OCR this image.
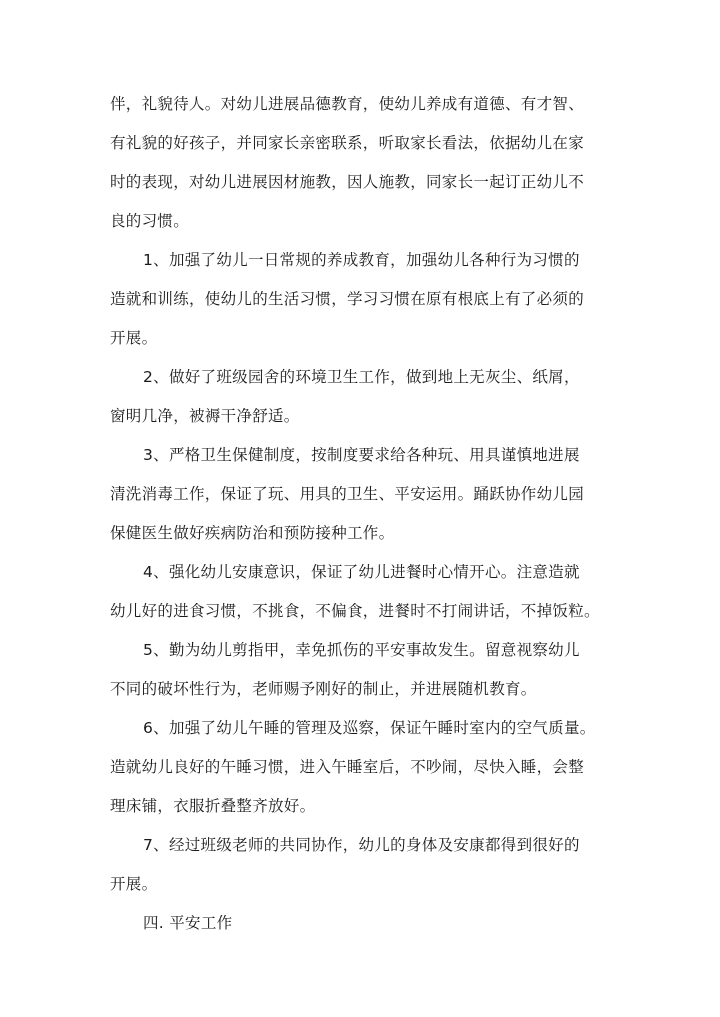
伴，礼貌待人。对幼儿进展品德教育，使幼儿养成有道德、有才智、
有礼貌的好孩子，并同家长亲密联系，听取家长看法，依据幼儿在家
时的表现，对幼儿进展因材施教，因人施教，同家长一起订正幼儿不
良的习惯。
1、加强了幼儿一日常规的养成教育，加强幼儿各种行为习惯的
造就和训练，使幼儿的生活习惯，学习习惯在原有根底上有了必须的
开展。
2、做好了班级园舍的环境卫生工作，做到地上无灰尘、纸屑，
窗明几净，被褥干净舒适。
3、严格卫生保健制度，按制度要求给各种玩、用具谨慎地进展
清洗消毒工作，保证了玩、用具的卫生、平安运用。踊跃协作幼儿园
保健医生做好疾病防治和预防接种工作。
4、强化幼儿安康意识，保证了幼儿进餐时心情开心。注意造就
幼儿好的进食习惯，不挑食，不偏食，进餐时不打闹讲话，不掉饭粒。
5、勤为幼儿剪指甲，幸免抓伤的平安事故发生。留意视察幼儿
不同的破坏性行为，老师赐予刚好的制止，并进展随机教育。
6、加强了幼儿午睡的管理及巡察，保证午睡时室内的空气质量。
造就幼儿良好的午睡习惯，进入午睡室后，不吵闹，尽快入睡，会整
理床铺，衣服折叠整齐放好。
7、经过班级老师的共同协作，幼儿的身体及安康都得到很好的
开展。
四. 平安工作
